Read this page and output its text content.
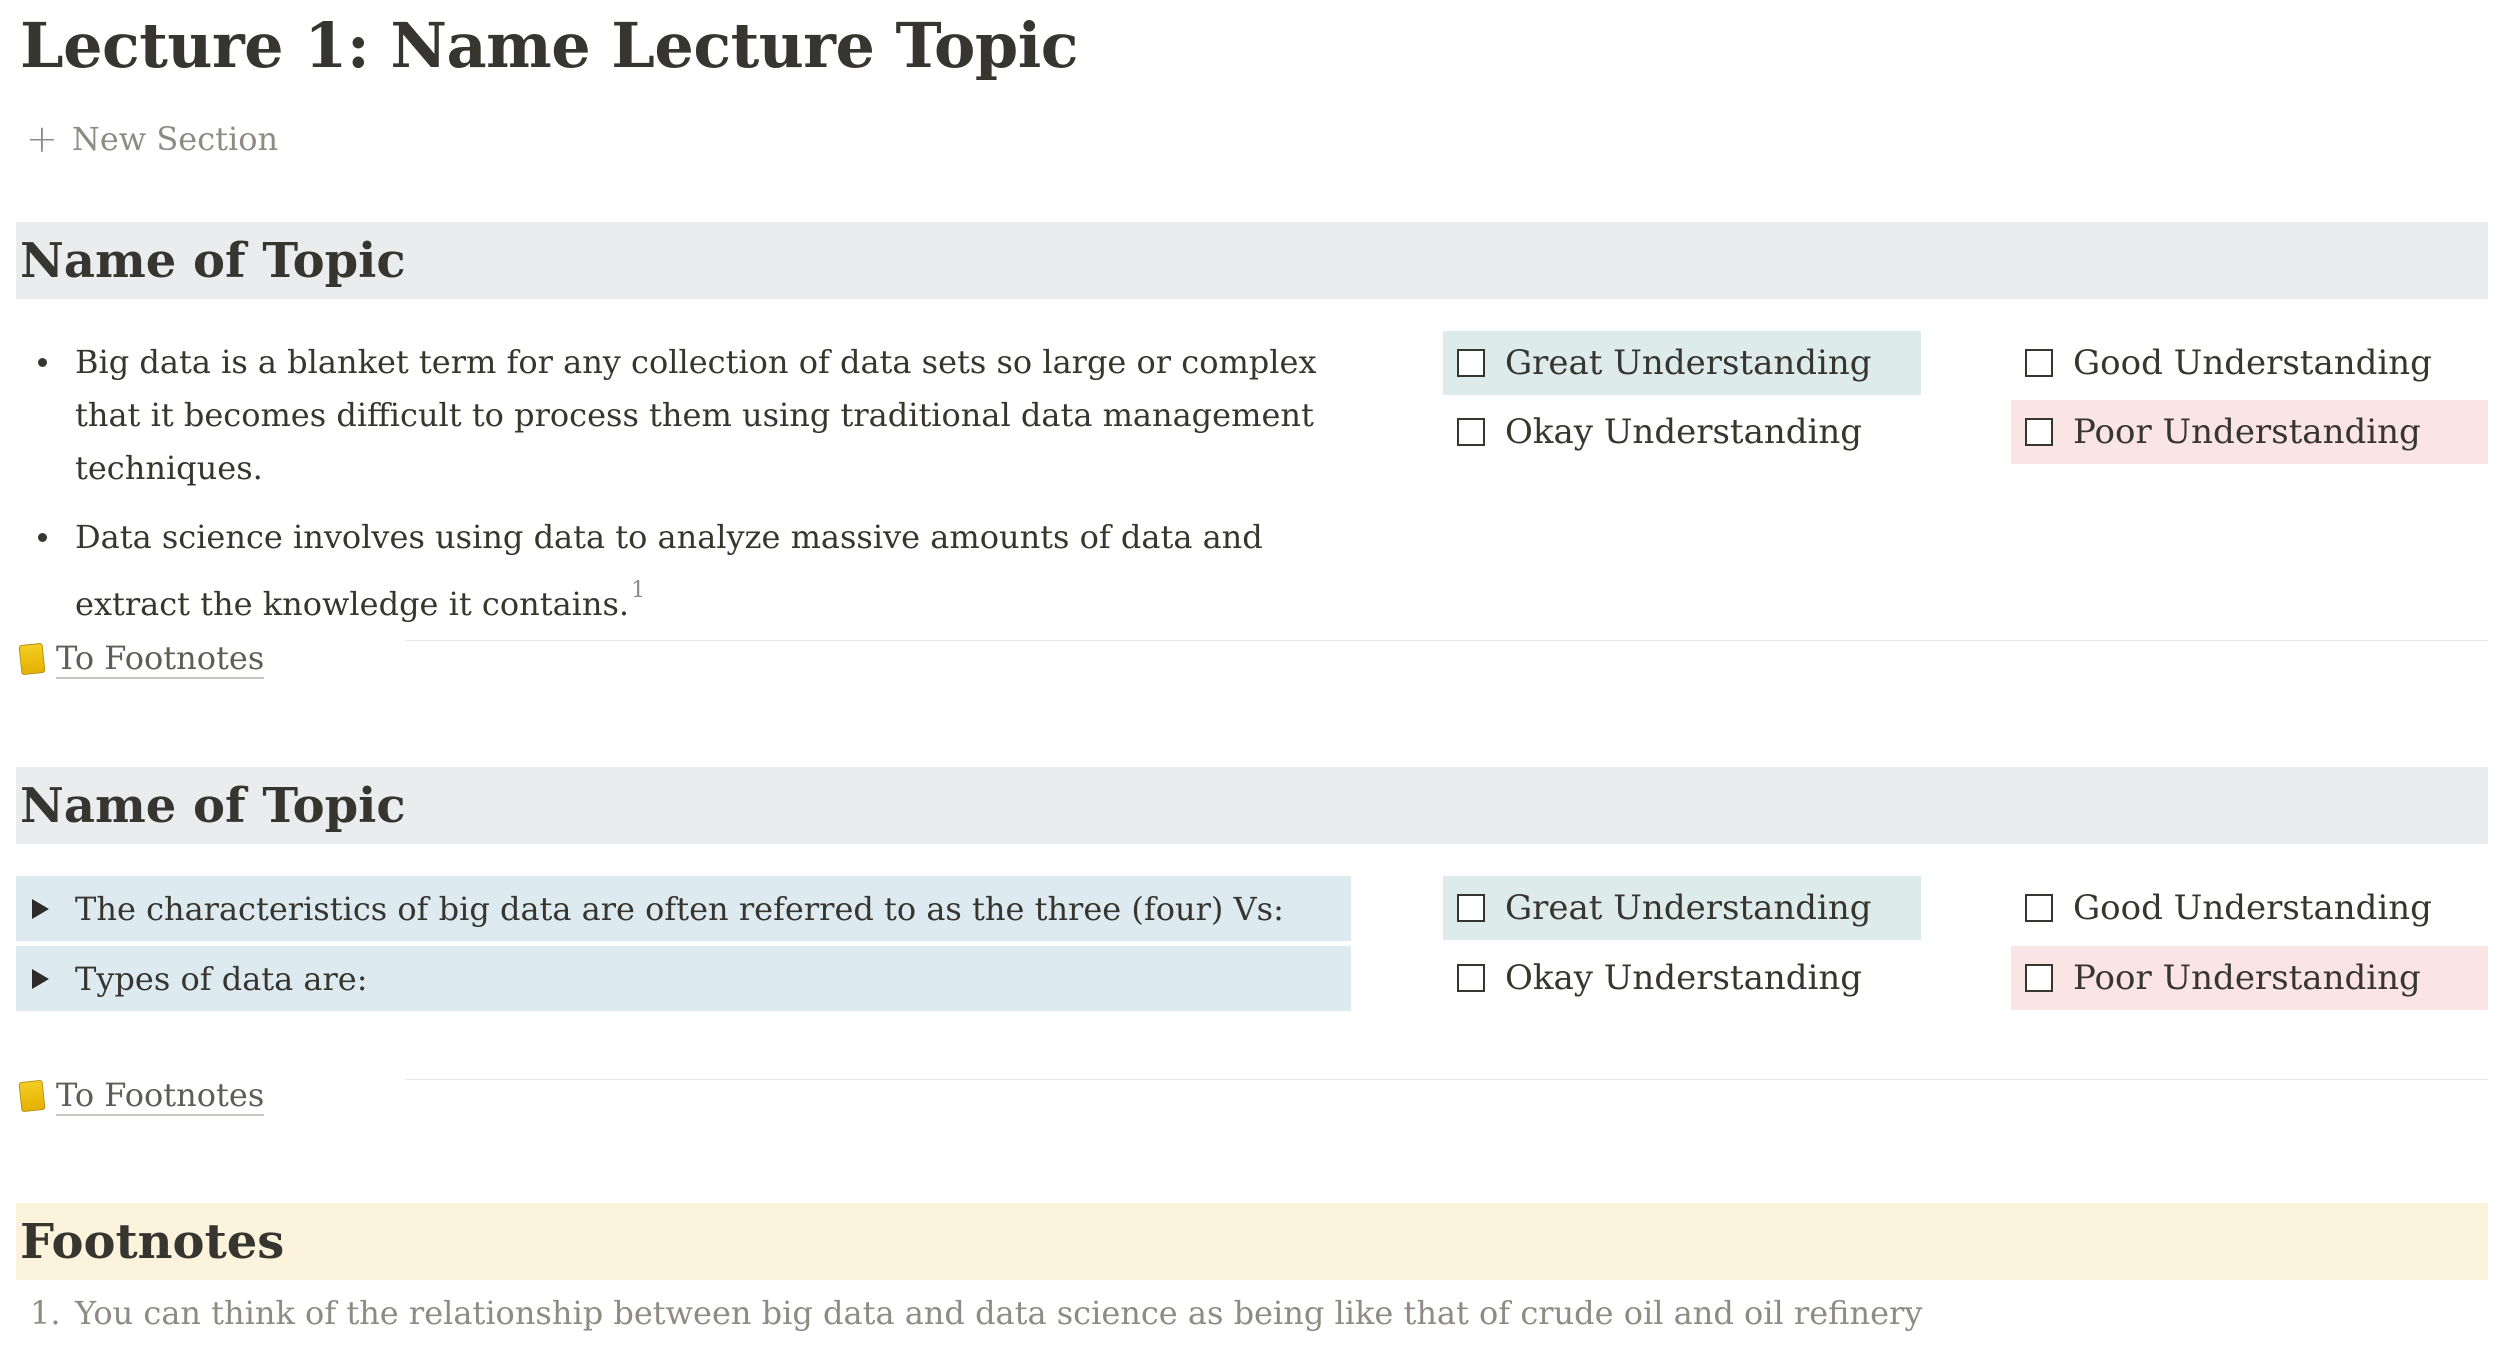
Lecture 1: Name Lecture Topic
+ New Section
Name of Topic
Big data is a blanket term for any collection of data sets so large or complex that it becomes difficult to process them using traditional data management techniques.
Data science involves using data to analyze massive amounts of data and extract the knowledge it contains.$^1$
Great Understanding	Good Understanding
Okay Understanding	Poor Understanding
To Footnotes
Name of Topic
The characteristics of big data are often referred to as the three (four) Vs:
Types of data are:
Great Understanding	Good Understanding
Okay Understanding	Poor Understanding
To Footnotes
Footnotes
1. You can think of the relationship between big data and data science as being like that of crude oil and oil refinery
